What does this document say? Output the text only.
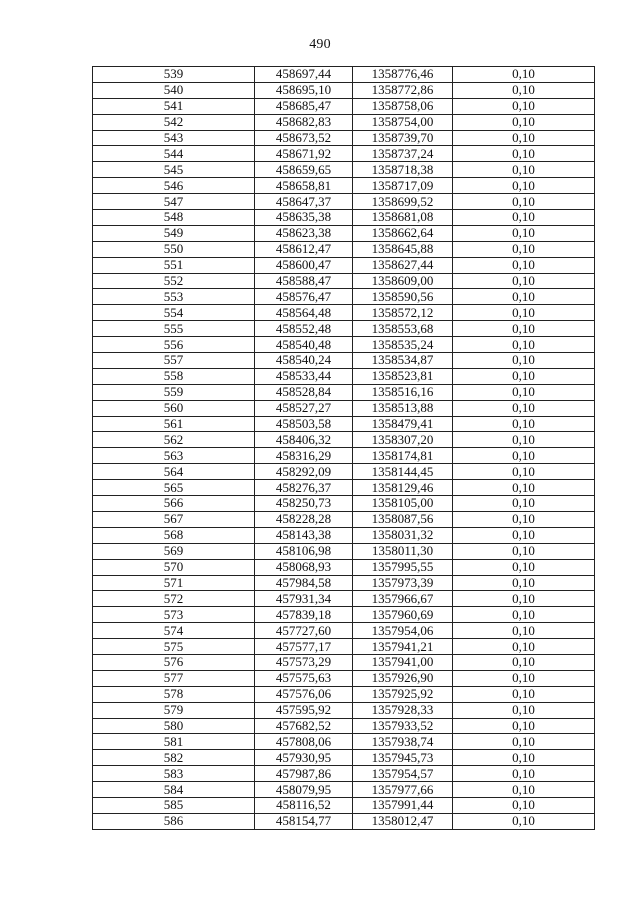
490
539	458697,44	1358776,46	0,10
540	458695,10	1358772,86	0,10
541	458685,47	1358758,06	0,10
542	458682,83	1358754,00	0,10
543	458673,52	1358739,70	0,10
544	458671,92	1358737,24	0,10
545	458659,65	1358718,38	0,10
546	458658,81	1358717,09	0,10
547	458647,37	1358699,52	0,10
548	458635,38	1358681,08	0,10
549	458623,38	1358662,64	0,10
550	458612,47	1358645,88	0,10
551	458600,47	1358627,44	0,10
552	458588,47	1358609,00	0,10
553	458576,47	1358590,56	0,10
554	458564,48	1358572,12	0,10
555	458552,48	1358553,68	0,10
556	458540,48	1358535,24	0,10
557	458540,24	1358534,87	0,10
558	458533,44	1358523,81	0,10
559	458528,84	1358516,16	0,10
560	458527,27	1358513,88	0,10
561	458503,58	1358479,41	0,10
562	458406,32	1358307,20	0,10
563	458316,29	1358174,81	0,10
564	458292,09	1358144,45	0,10
565	458276,37	1358129,46	0,10
566	458250,73	1358105,00	0,10
567	458228,28	1358087,56	0,10
568	458143,38	1358031,32	0,10
569	458106,98	1358011,30	0,10
570	458068,93	1357995,55	0,10
571	457984,58	1357973,39	0,10
572	457931,34	1357966,67	0,10
573	457839,18	1357960,69	0,10
574	457727,60	1357954,06	0,10
575	457577,17	1357941,21	0,10
576	457573,29	1357941,00	0,10
577	457575,63	1357926,90	0,10
578	457576,06	1357925,92	0,10
579	457595,92	1357928,33	0,10
580	457682,52	1357933,52	0,10
581	457808,06	1357938,74	0,10
582	457930,95	1357945,73	0,10
583	457987,86	1357954,57	0,10
584	458079,95	1357977,66	0,10
585	458116,52	1357991,44	0,10
586	458154,77	1358012,47	0,10
